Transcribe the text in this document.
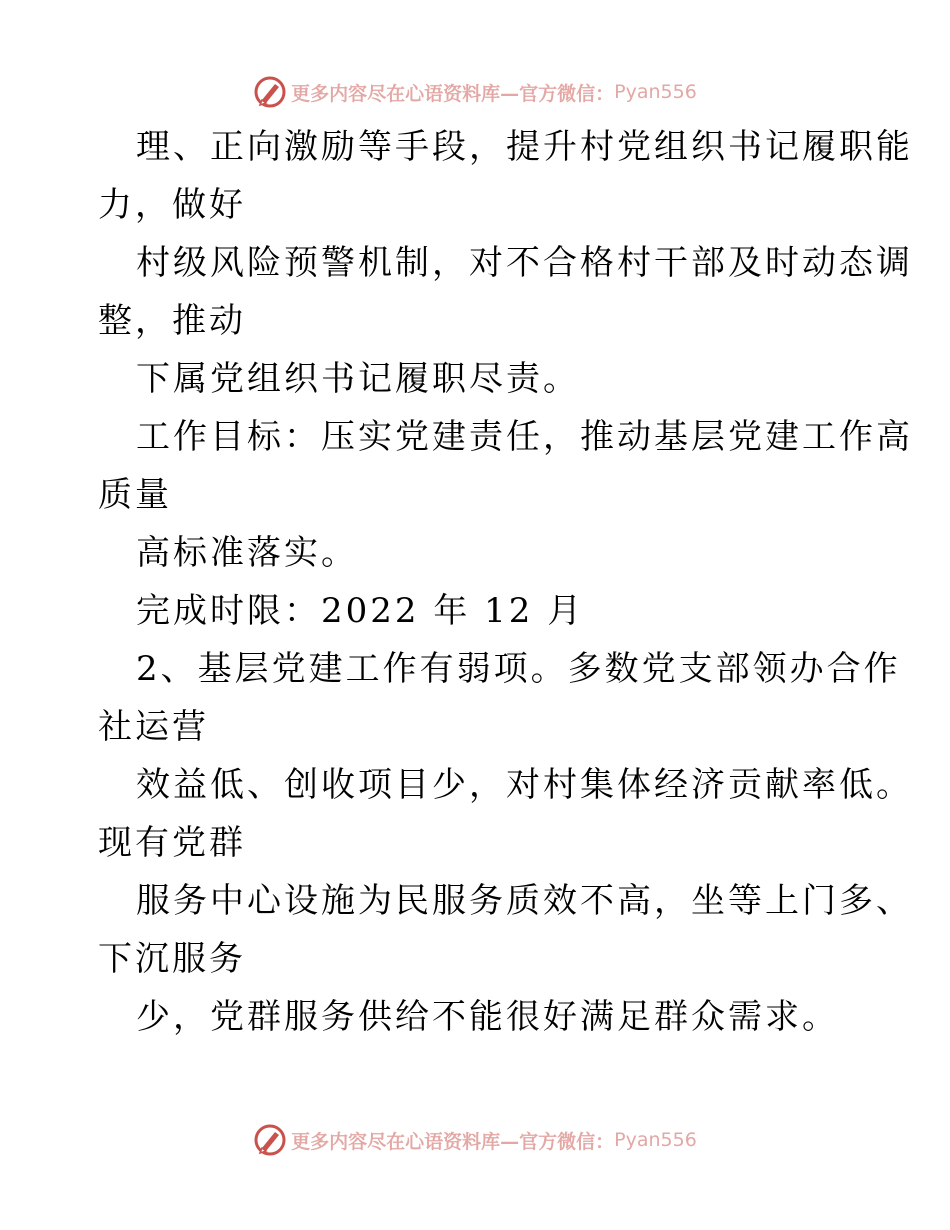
更多内容尽在心语资料库—官方微信： Pyan556
理、正向激励等手段，提升村党组织书记履职能
力，做好
村级风险预警机制，对不合格村干部及时动态调
整，推动
下属党组织书记履职尽责。
工作目标：压实党建责任，推动基层党建工作高
质量
高标准落实。
完成时限：2022 年 12 月
2、基层党建工作有弱项。多数党支部领办合作
社运营
效益低、创收项目少，对村集体经济贡献率低。
现有党群
服务中心设施为民服务质效不高，坐等上门多、
下沉服务
少，党群服务供给不能很好满足群众需求。
更多内容尽在心语资料库—官方微信： Pyan556
